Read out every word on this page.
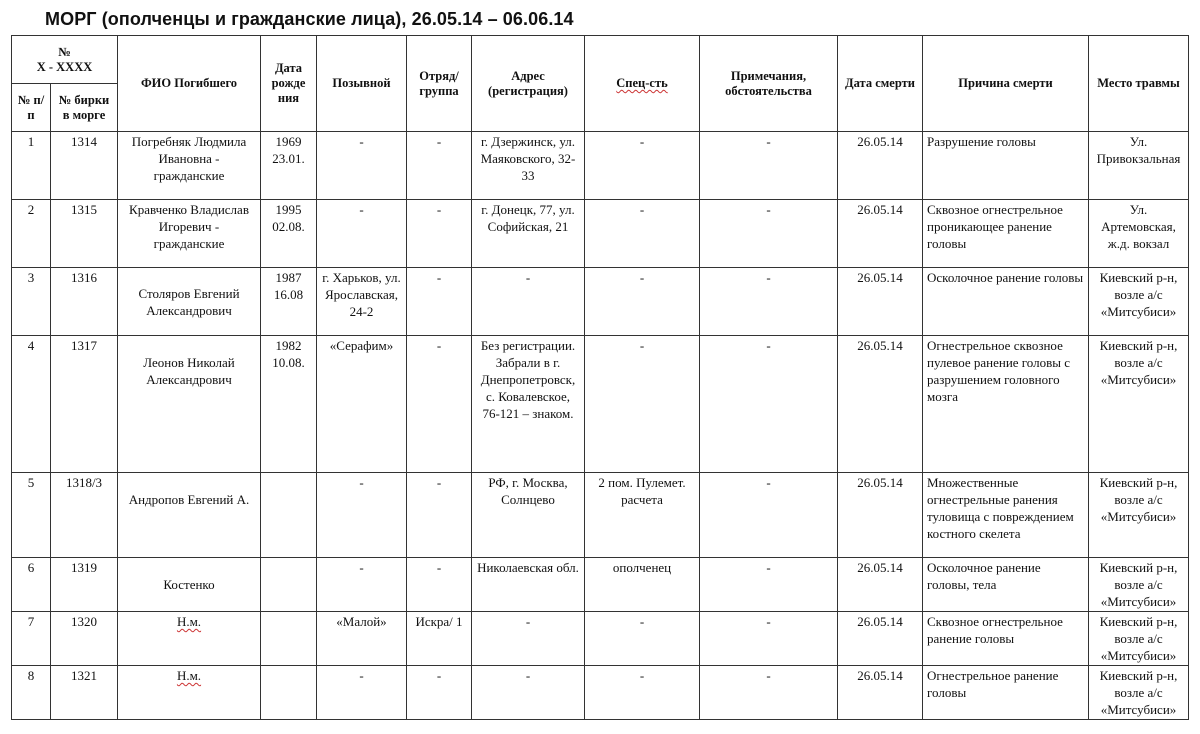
МОРГ (ополченцы и гражданские лица), 26.05.14 – 06.06.14
№
Х - ХХХХ		ФИО Погибшего	Дата рожде ния	Позывной	Отряд/ группа	Адрес (регистрация)	Спец-сть	Примечания, обстоятельства	Дата смерти	Причина смерти	Место травмы
№ п/п	№ бирки в морге										
1	1314	Погребняк Людмила Ивановна - гражданские	1969 23.01.	-	-	г. Дзержинск, ул. Маяковского, 32-33	-	-	26.05.14	Разрушение головы	Ул. Привокзальная
2	1315	Кравченко Владислав Игоревич - гражданские	1995 02.08.	-	-	г. Донецк, 77, ул. Софийская, 21	-	-	26.05.14	Сквозное огнестрельное проникающее ранение головы	Ул. Артемовская, ж.д. вокзал
3	1316	Столяров Евгений Александрович	1987 16.08	г. Харьков, ул. Ярославская, 24-2	-	-	-	-	26.05.14	Осколочное ранение головы	Киевский р-н, возле а/с «Митсубиси»
4	1317	Леонов Николай Александрович	1982 10.08.	«Серафим»	-	Без регистрации. Забрали в г. Днепропетровск, с. Ковалевское, 76-121 – знаком.	-	-	26.05.14	Огнестрельное сквозное пулевое ранение головы с разрушением головного мозга	Киевский р-н, возле а/с «Митсубиси»
5	1318/3	Андропов Евгений А.		-	-	РФ, г. Москва, Солнцево	2 пом. Пулемет. расчета	-	26.05.14	Множественные огнестрельные ранения туловища с повреждением костного скелета	Киевский р-н, возле а/с «Митсубиси»
6	1319	Костенко		-	-	Николаевская обл.	ополченец	-	26.05.14	Осколочное ранение головы, тела	Киевский р-н, возле а/с «Митсубиси»
7	1320	Н.м.		«Малой»	Искра/ 1	-	-	-	26.05.14	Сквозное огнестрельное ранение головы	Киевский р-н, возле а/с «Митсубиси»
8	1321	Н.м.		-	-	-	-	-	26.05.14	Огнестрельное ранение головы	Киевский р-н, возле а/с «Митсубиси»
